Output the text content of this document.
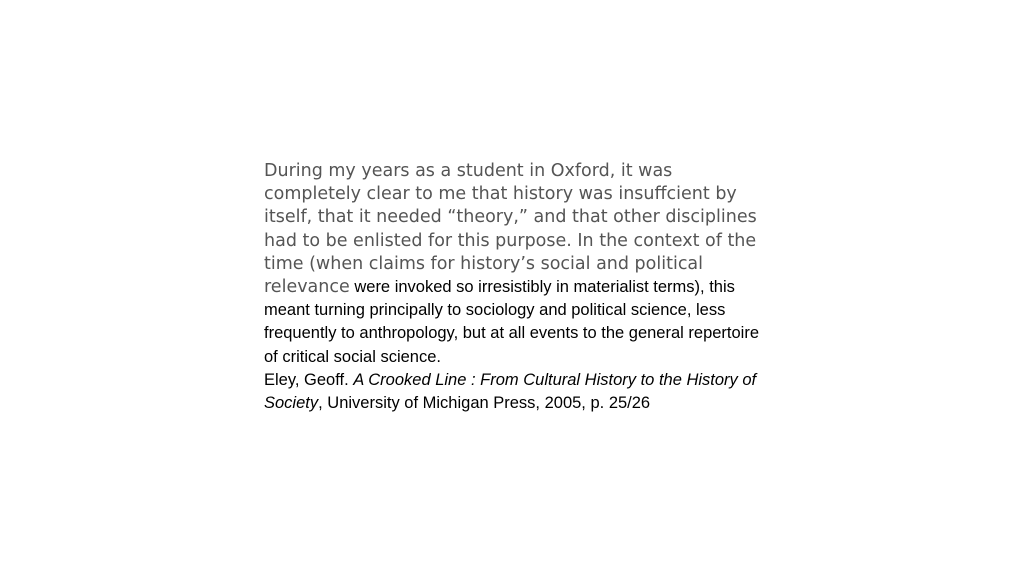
During my years as a student in Oxford, it was completely clear to me that history was insuffcient by itself, that it needed “theory,” and that other disciplines had to be enlisted for this purpose. In the context of the time (when claims for history’s social and political relevance were invoked so irresistibly in materialist terms), this meant turning principally to sociology and political science, less frequently to anthropology, but at all events to the general repertoire of critical social science.

Eley, Geoff. A Crooked Line : From Cultural History to the History of Society, University of Michigan Press, 2005, p. 25/26
